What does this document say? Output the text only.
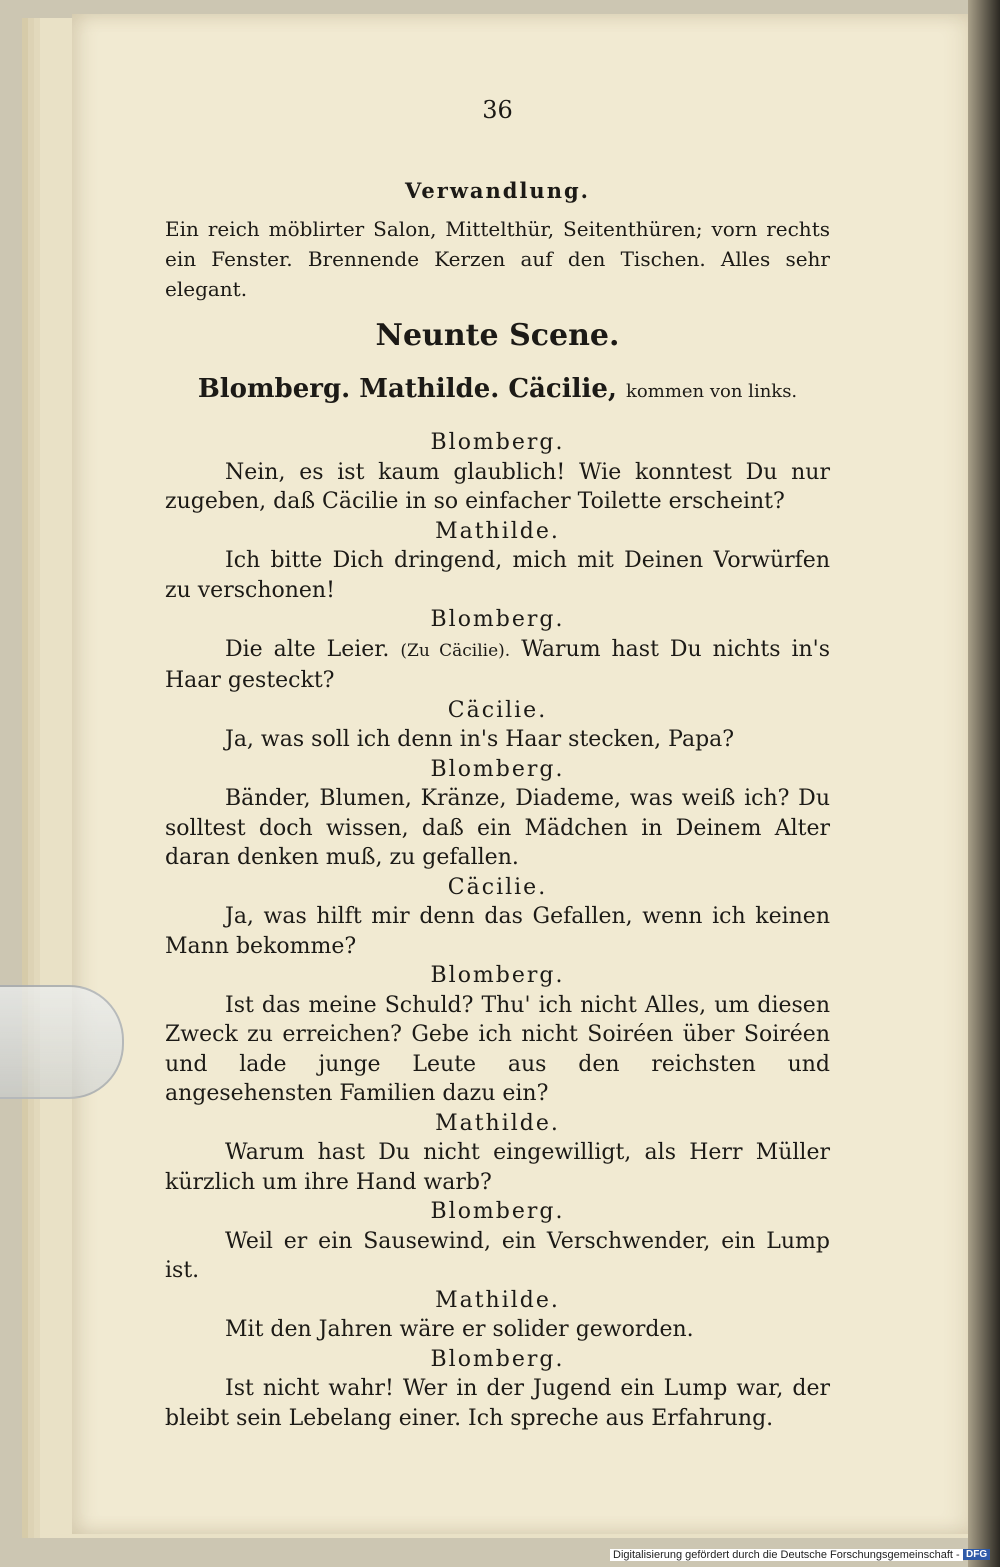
36
Verwandlung.
Ein reich möblirter Salon, Mittelthür, Seitenthüren; vorn rechts ein Fenster. Brennende Kerzen auf den Tischen. Alles sehr elegant.
Neunte Scene.
Blomberg. Mathilde. Cäcilie, kommen von links.
Blomberg.
Nein, es ist kaum glaublich! Wie konntest Du nur zugeben, daß Cäcilie in so einfacher Toilette erscheint?
Mathilde.
Ich bitte Dich dringend, mich mit Deinen Vorwürfen zu verschonen!
Blomberg.
Die alte Leier. (Zu Cäcilie). Warum hast Du nichts in's Haar gesteckt?
Cäcilie.
Ja, was soll ich denn in's Haar stecken, Papa?
Blomberg.
Bänder, Blumen, Kränze, Diademe, was weiß ich? Du solltest doch wissen, daß ein Mädchen in Deinem Alter daran denken muß, zu gefallen.
Cäcilie.
Ja, was hilft mir denn das Gefallen, wenn ich keinen Mann bekomme?
Blomberg.
Ist das meine Schuld? Thu' ich nicht Alles, um diesen Zweck zu erreichen? Gebe ich nicht Soiréen über Soiréen und lade junge Leute aus den reichsten und angesehensten Familien dazu ein?
Mathilde.
Warum hast Du nicht eingewilligt, als Herr Müller kürzlich um ihre Hand warb?
Blomberg.
Weil er ein Sausewind, ein Verschwender, ein Lump ist.
Mathilde.
Mit den Jahren wäre er solider geworden.
Blomberg.
Ist nicht wahr! Wer in der Jugend ein Lump war, der bleibt sein Lebelang einer. Ich spreche aus Erfahrung.
Digitalisierung gefördert durch die Deutsche Forschungsgemeinschaft - DFG
